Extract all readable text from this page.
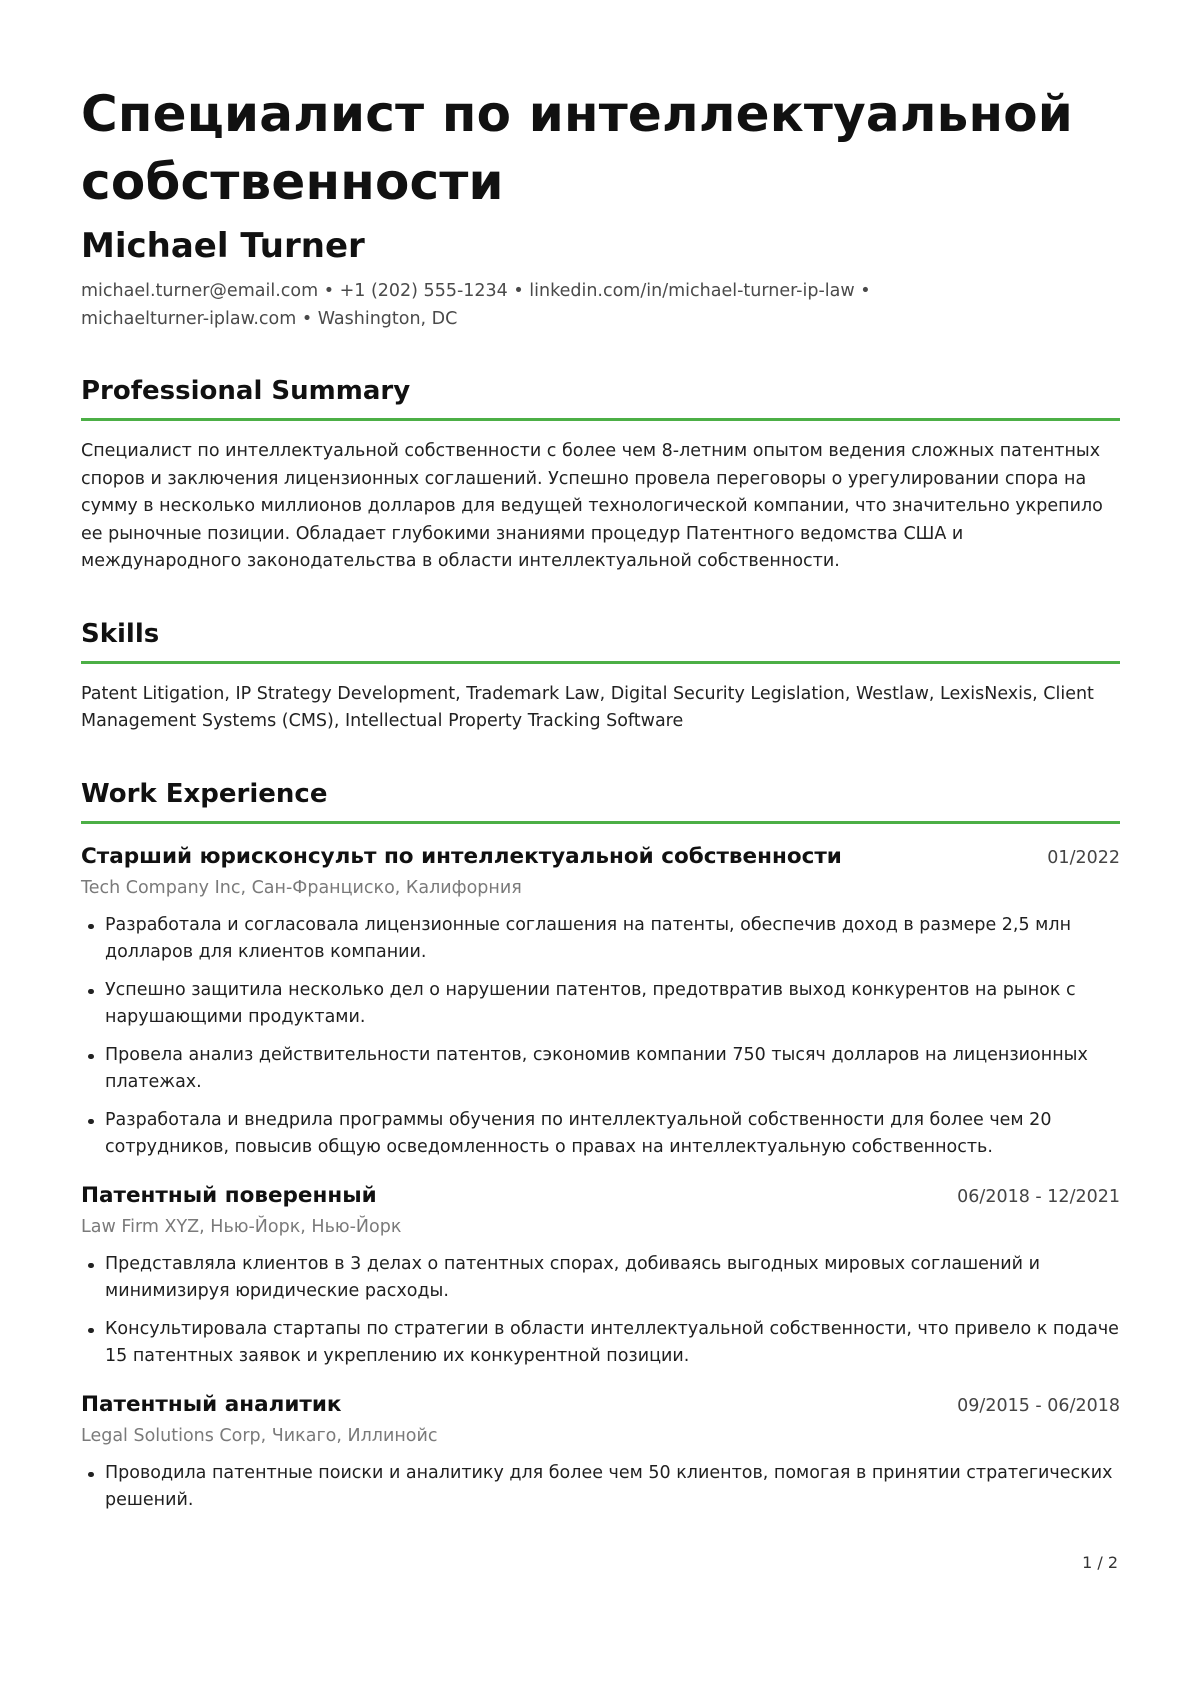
Специалист по интеллектуальной собственности
Michael Turner
michael.turner@email.com • +1 (202) 555-1234 • linkedin.com/in/michael-turner-ip-law •
michaelturner-iplaw.com • Washington, DC
Professional Summary
Специалист по интеллектуальной собственности с более чем 8-летним опытом ведения сложных патентных споров и заключения лицензионных соглашений. Успешно провела переговоры о урегулировании спора на сумму в несколько миллионов долларов для ведущей технологической компании, что значительно укрепило ее рыночные позиции. Обладает глубокими знаниями процедур Патентного ведомства США и международного законодательства в области интеллектуальной собственности.
Skills
Patent Litigation, IP Strategy Development, Trademark Law, Digital Security Legislation, Westlaw, LexisNexis, Client Management Systems (CMS), Intellectual Property Tracking Software
Work Experience
Старший юрисконсульт по интеллектуальной собственности	01/2022
Tech Company Inc, Сан-Франциско, Калифорния
Разработала и согласовала лицензионные соглашения на патенты, обеспечив доход в размере 2,5 млн долларов для клиентов компании.
Успешно защитила несколько дел о нарушении патентов, предотвратив выход конкурентов на рынок с нарушающими продуктами.
Провела анализ действительности патентов, сэкономив компании 750 тысяч долларов на лицензионных платежах.
Разработала и внедрила программы обучения по интеллектуальной собственности для более чем 20 сотрудников, повысив общую осведомленность о правах на интеллектуальную собственность.
Патентный поверенный	06/2018 - 12/2021
Law Firm XYZ, Нью-Йорк, Нью-Йорк
Представляла клиентов в 3 делах о патентных спорах, добиваясь выгодных мировых соглашений и минимизируя юридические расходы.
Консультировала стартапы по стратегии в области интеллектуальной собственности, что привело к подаче 15 патентных заявок и укреплению их конкурентной позиции.
Патентный аналитик	09/2015 - 06/2018
Legal Solutions Corp, Чикаго, Иллинойс
Проводила патентные поиски и аналитику для более чем 50 клиентов, помогая в принятии стратегических решений.
1 / 2
